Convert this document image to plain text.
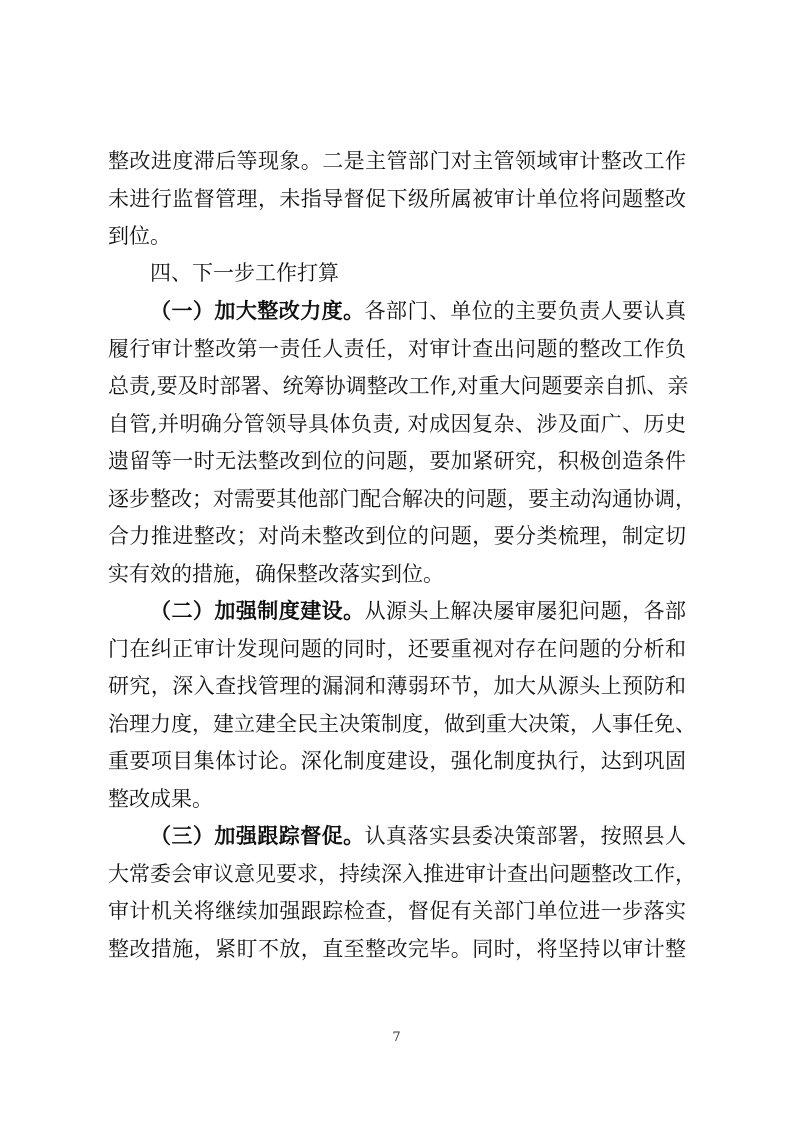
整改进度滞后等现象。二是主管部门对主管领域审计整改工作
未进行监督管理，未指导督促下级所属被审计单位将问题整改
到位。
四、下一步工作打算
（一）加大整改力度。各部门、单位的主要负责人要认真
履行审计整改第一责任人责任，对审计查出问题的整改工作负
总责,要及时部署、统筹协调整改工作,对重大问题要亲自抓、亲
自管,并明确分管领导具体负责, 对成因复杂、涉及面广、历史
遗留等一时无法整改到位的问题，要加紧研究，积极创造条件
逐步整改；对需要其他部门配合解决的问题，要主动沟通协调，
合力推进整改；对尚未整改到位的问题，要分类梳理，制定切
实有效的措施，确保整改落实到位。
（二）加强制度建设。从源头上解决屡审屡犯问题，各部
门在纠正审计发现问题的同时，还要重视对存在问题的分析和
研究，深入查找管理的漏洞和薄弱环节，加大从源头上预防和
治理力度，建立建全民主决策制度，做到重大决策，人事任免、
重要项目集体讨论。深化制度建设，强化制度执行，达到巩固
整改成果。
（三）加强跟踪督促。认真落实县委决策部署，按照县人
大常委会审议意见要求，持续深入推进审计查出问题整改工作，
审计机关将继续加强跟踪检查，督促有关部门单位进一步落实
整改措施，紧盯不放，直至整改完毕。同时，将坚持以审计整
7
